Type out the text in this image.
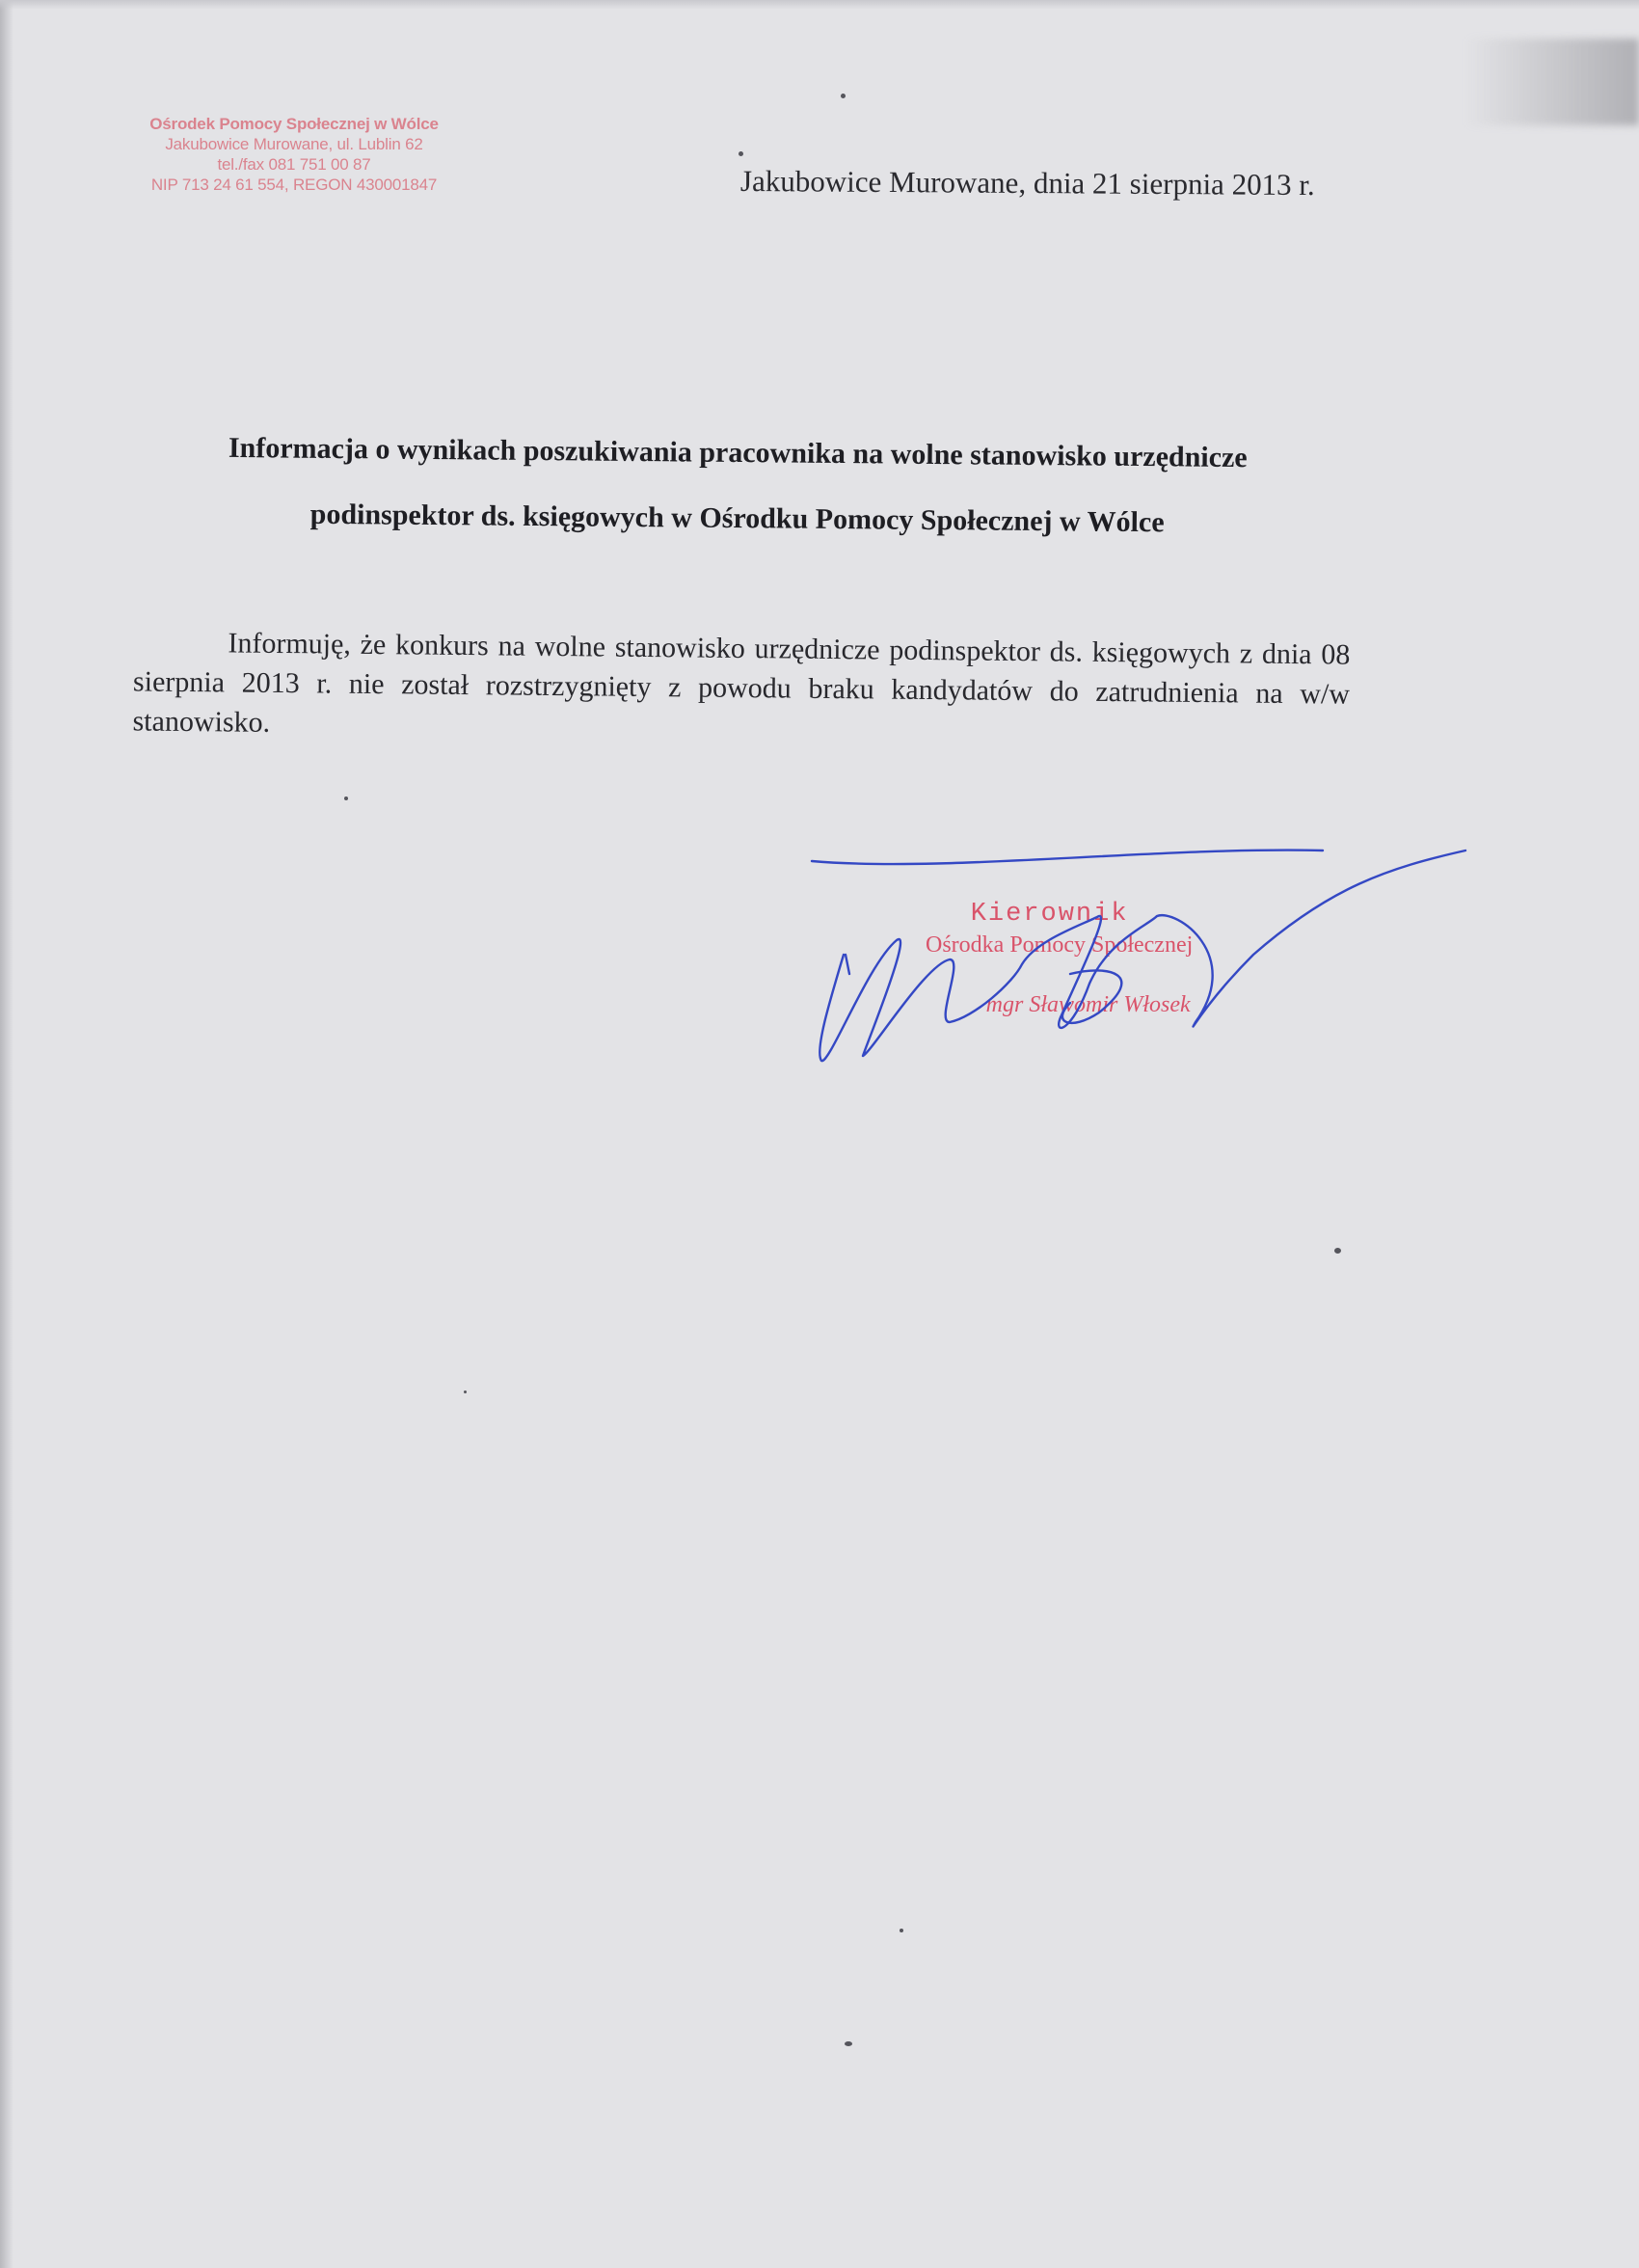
Ośrodek Pomocy Społecznej w Wólce
Jakubowice Murowane, ul. Lublin 62
tel./fax 081 751 00 87
NIP 713 24 61 554, REGON 430001847	Jakubowice Murowane, dnia 21 sierpnia 2013 r.
Informacja o wynikach poszukiwania pracownika na wolne stanowisko urzędnicze
podinspektor ds. księgowych w Ośrodku Pomocy Społecznej w Wólce
Informuję, że konkurs na wolne stanowisko urzędnicze podinspektor ds. księgowych z dnia 08 sierpnia 2013 r. nie został rozstrzygnięty z powodu braku kandydatów do zatrudnienia na w/w stanowisko.
Kierownik
Ośrodka Pomocy Społecznej
mgr Sławomir Włosek
